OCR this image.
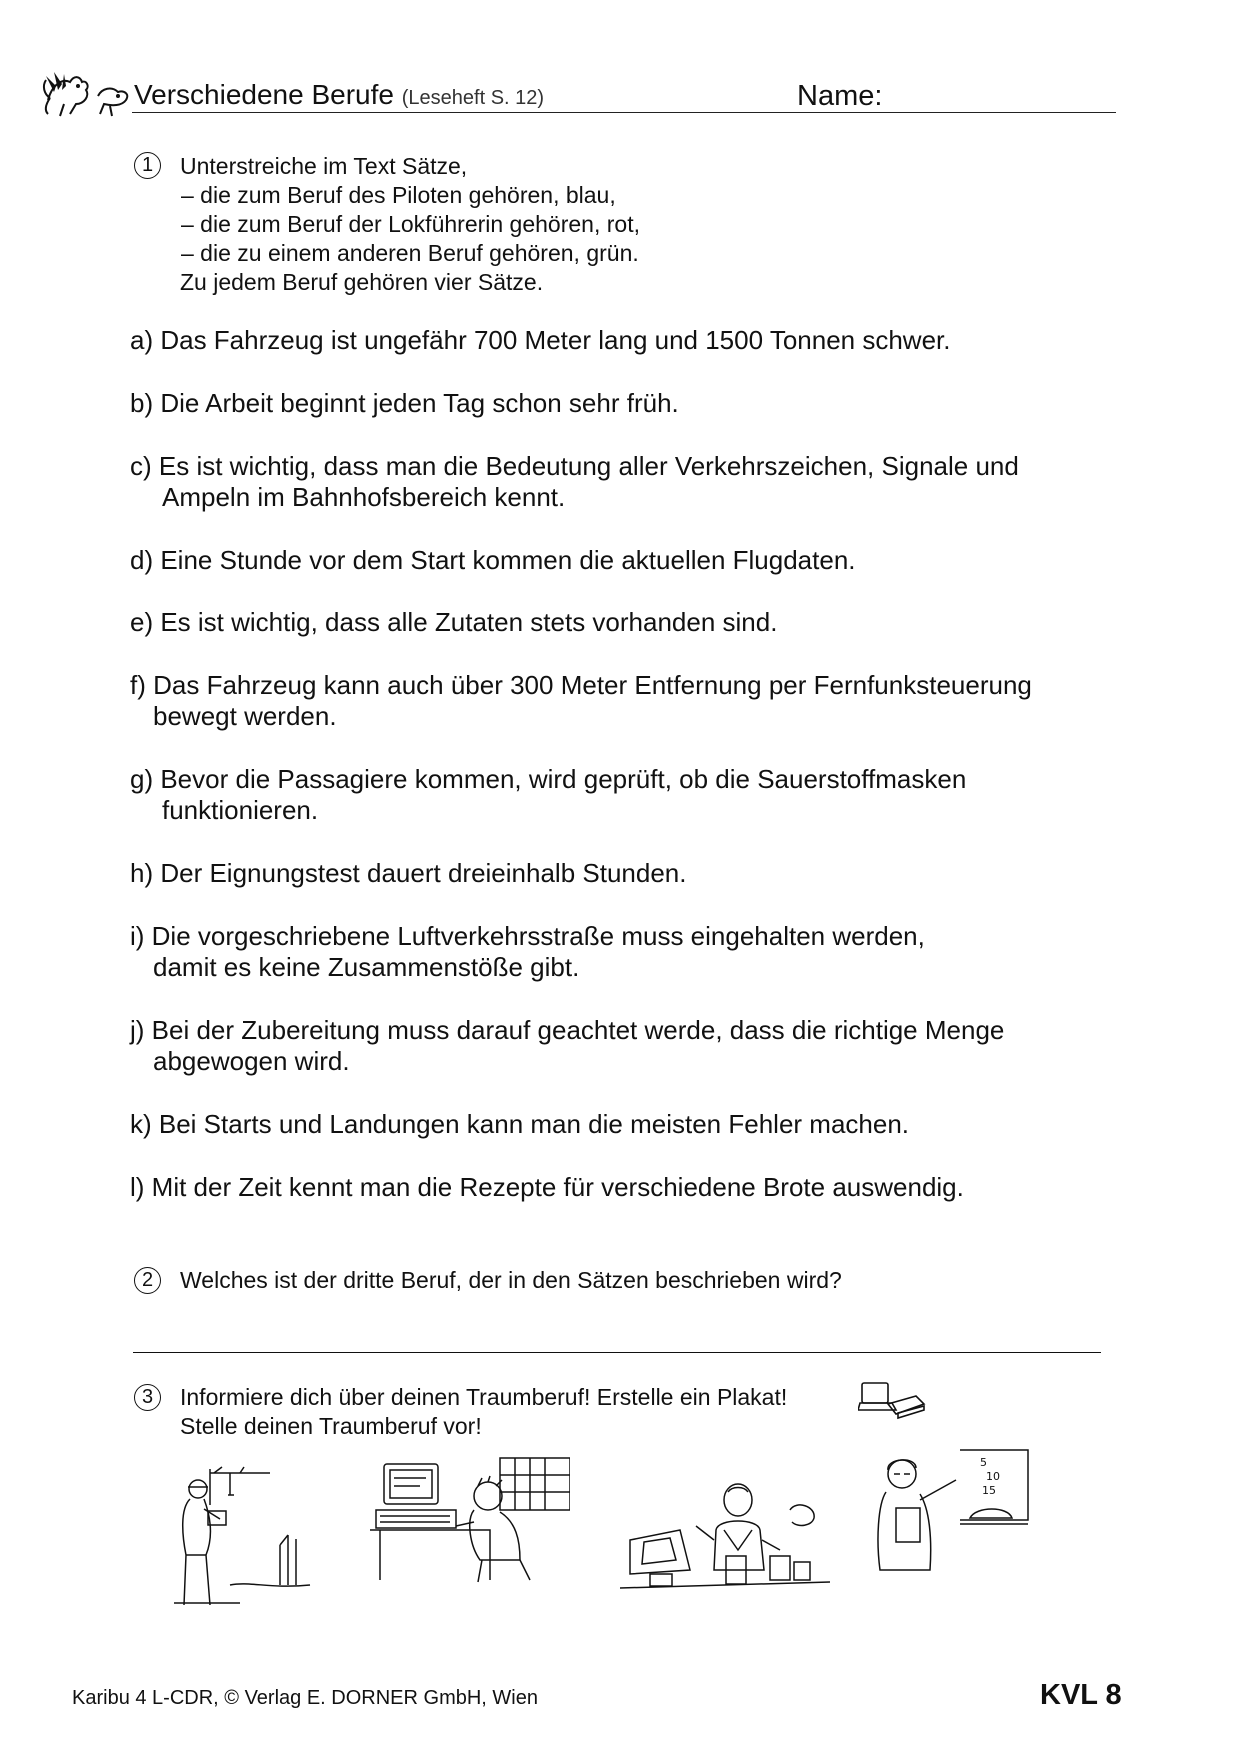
Verschiedene Berufe (Leseheft S. 12)	Name:
1	Unterstreiche im Text Sätze,
– die zum Beruf des Piloten gehören, blau,
– die zum Beruf der Lokführerin gehören, rot,
– die zu einem anderen Beruf gehören, grün.
Zu jedem Beruf gehören vier Sätze.
a) Das Fahrzeug ist ungefähr 700 Meter lang und 1500 Tonnen schwer.
b) Die Arbeit beginnt jeden Tag schon sehr früh.
c) Es ist wichtig, dass man die Bedeutung aller Verkehrszeichen, Signale und
Ampeln im Bahnhofsbereich kennt.
d) Eine Stunde vor dem Start kommen die aktuellen Flugdaten.
e) Es ist wichtig, dass alle Zutaten stets vorhanden sind.
f) Das Fahrzeug kann auch über 300 Meter Entfernung per Fernfunksteuerung
bewegt werden.
g) Bevor die Passagiere kommen, wird geprüft, ob die Sauerstoffmasken
funktionieren.
h) Der Eignungstest dauert dreieinhalb Stunden.
i) Die vorgeschriebene Luftverkehrsstraße muss eingehalten werden,
damit es keine Zusammenstöße gibt.
j) Bei der Zubereitung muss darauf geachtet werde, dass die richtige Menge
abgewogen wird.
k) Bei Starts und Landungen kann man die meisten Fehler machen.
l) Mit der Zeit kennt man die Rezepte für verschiedene Brote auswendig.
2	Welches ist der dritte Beruf, der in den Sätzen beschrieben wird?
3	Informiere dich über deinen Traumberuf! Erstelle ein Plakat!
Stelle deinen Traumberuf vor!
5
10
15
Karibu 4 L-CDR, © Verlag E. DORNER GmbH, Wien	KVL 8
